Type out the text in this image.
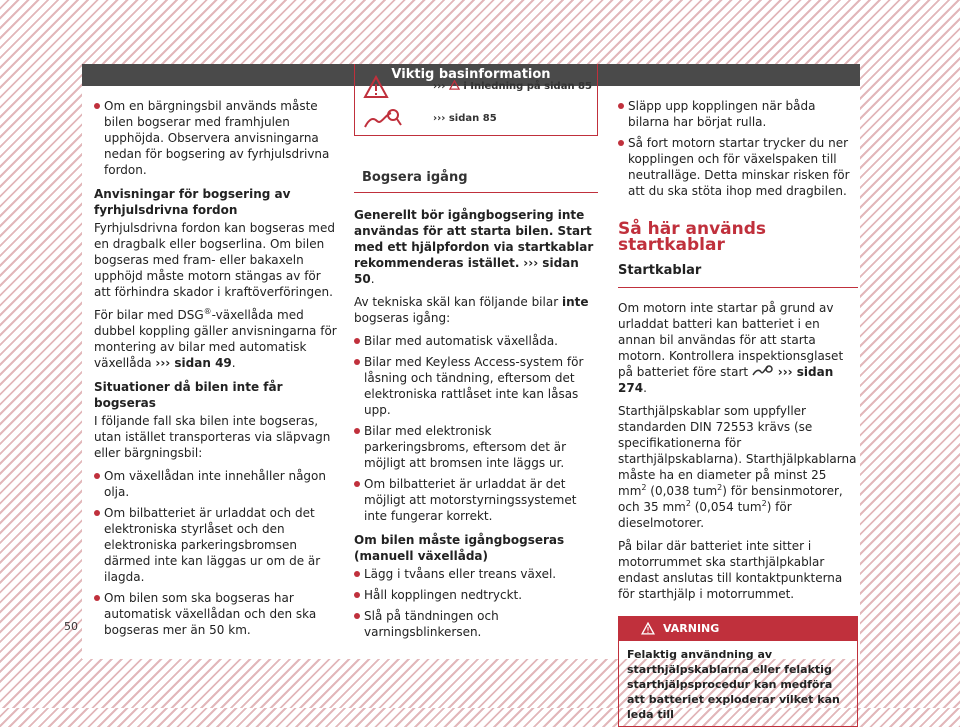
Viktig basinformation
Om en bärgningsbil används måste bilen bogserar med framhjulen upphöjda. Observera anvisningarna nedan för bogsering av fyrhjulsdrivna fordon.
Anvisningar för bogsering av fyrhjulsdrivna fordon

Fyrhjulsdrivna fordon kan bogseras med en dragbalk eller bogserlina. Om bilen bogseras med fram- eller bakaxeln upphöjd måste motorn stängas av för att förhindra skador i kraftöverföringen.

För bilar med DSG®-växellåda med dubbel koppling gäller anvisningarna för montering av bilar med automatisk växellåda ››› sidan 49.

Situationer då bilen inte får bogseras

I följande fall ska bilen inte bogseras, utan istället transporteras via släpvagn eller bärgningsbil:

Om växellådan inte innehåller någon olja.
Om bilbatteriet är urladdat och det elektroniska styrlåset och den elektroniska parkeringsbromsen därmed inte kan läggas ur om de är ilagda.
Om bilen som ska bogseras har automatisk växellådan och den ska bogseras mer än 50 km.
››› i Inledning på sidan 85
››› sidan 85
Bogsera igång

Generellt bör igångbogsering inte användas för att starta bilen. Start med ett hjälpfordon via startkablar rekommenderas istället. ››› sidan 50.

Av tekniska skäl kan följande bilar inte bogseras igång:

Bilar med automatisk växellåda.
Bilar med Keyless Access-system för låsning och tändning, eftersom det elektroniska rattlåset inte kan låsas upp.
Bilar med elektronisk parkeringsbroms, eftersom det är möjligt att bromsen inte läggs ur.
Om bilbatteriet är urladdat är det möjligt att motorstyrningssystemet inte fungerar korrekt.
Om bilen måste igångbogseras (manuell växellåda)
Lägg i tvåans eller treans växel.
Håll kopplingen nedtryckt.
Slå på tändningen och varningsblinkersen.
Släpp upp kopplingen när båda bilarna har börjat rulla.
Så fort motorn startar trycker du ner kopplingen och för växelspaken till neutralläge. Detta minskar risken för att du ska stöta ihop med dragbilen.
Så här används startkablar
Startkablar

Om motorn inte startar på grund av urladdat batteri kan batteriet i en annan bil användas för att starta motorn. Kontrollera inspektionsglaset på batteriet före start ››› sidan 274.

Starthjälpskablar som uppfyller standarden DIN 72553 krävs (se specifikationerna för starthjälpskablarna). Starthjälpkablarna måste ha en diameter på minst 25 $mm^2$ (0,038 tum$^2$) för bensinmotorer, och 35 $mm^2$ (0,054 tum$^2$) för dieselmotorer.

På bilar där batteriet inte sitter i motorrummet ska starthjälpkablar endast anslutas till kontaktpunkterna för starthjälp i motorrummet.

VARNING
Felaktig användning av starthjälpskablarna eller felaktig starthjälpsprocedur kan medföra att batteriet exploderar vilket kan leda till
50
